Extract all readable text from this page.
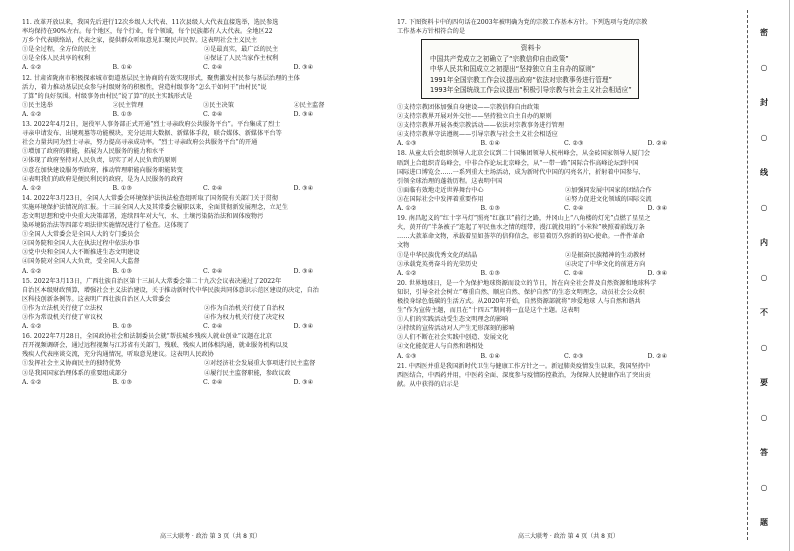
11. 改革开放以来，我国先后进行12次乡级人大代表、11次县级人大代表直接选举，选民参选

率均保持在90%左右。每个地区，每个行业，每个领域，每个民族都有人大代表。全地区22

万乡个代表联络站，代表之家，提供群众听取意见汇聚民声民智。这表明社会主义民主

①是全过程，全方位的民主	②是最真实，最广泛的民主
③是全体人民共享的权利	④保证了人民当家作主权利
A. ①②	B. ①④	C. ②④	D. ③④

12. 甘肃省陇南市积极探索城市街道基层民主协商的有效实现形式，聚焦激发村民参与基层治理的主体

活力，着力推动基层民众参与村级财务的积极性，营造村级事务“怎么干如何干”由村民“说

了算”的良好氛围。村级事务由村民“说了算”的民主实践形式是

①民主选举	②民主管理	③民主决策	④民主监督
A. ①②	B. ①③	C. ②④	D. ③④

13. 2022年4月2日，退役军人事务部正式开通“烈士寻亲政府公共服务平台”。平台集成了烈士

寻亲申请发布、出境观墓等功能模块，充分运用大数据、新媒体手段，联合媒体、新媒体平台等

社会力量共同为烈士寻亲，努力提高寻亲成功率。“烈士寻亲政府公共服务平台”的开通

①增加了政府的职能，拓展为人民服务的能力和水平

②体现了政府坚持对人民负责，切实了对人民负责的原则

③意在加快建设服务型政府，推动管理职能向服务职能转变

④表明我们的政府是便民利民的政府，是为人民服务的政府

A. ①②	B. ①③	C. ②④	D. ③④

14. 2022年3月23日，全国人大常委会环境保护法执法检查组听取了国务院有关部门关于贯彻

实施环境保护法情况的汇报。十三届全国人大及其常委会履职以来，全面贯彻新发展理念，立足生

态文明思想和党中央重大决策部署，连续四年对大气、水、土壤污染防治法和固体废物污

染环境防治法等四部专项法律实施情况进行了检查。这体现了

①全国人大常委会是全国人大的专门委员会

②国务院和全国人大在执法过程中依法办事

③党中央和全国人大不断推进生态文明建设

④国务院对全国人大负责，受全国人大监督

A. ①②	B. ①③	C. ②④	D. ③④

15. 2022年3月13日，广西壮族自治区第十三届人大常委会第二十九次会议表决通过了2022年

自治区本级财政预算，增强社会主义法治建设，关于推动新时代中华民族共同体意识示范区建设的决定，自治

区科技创新条例等。这表明广西壮族自治区人大常委会

①作为立法机关行使了立法权	②作为自治机关行使了自治权
③作为常设机关行使了审议权	④作为权力机关行使了决定权
A. ①②	B. ①③	C. ②④	D. ③④

16. 2022年7月28日，全国政协社会和法制委员会就“帮扶城乡残疾人就业创业”议题在北京

召开视频调研会，通过远程视频与江苏省有关部门，残联、残疾人团体相沟通，就业服务机构以及

残疾人代表座谈交流，充分沟通情况，听取意见建议。这表明人民政协

①发挥社会主义协商民主的独特优势	②对经济社会发展重大事项进行民主监督
③是我国国家治理体系的重要组成部分	④履行民主监督职能，参政议政
A. ①②	B. ①③	C. ②④	D. ③④

17. 下图资料卡中的四句话在2003年被明确为党的宗教工作基本方针。下列选项与党的宗教

工作基本方针相符合的是

资料卡
中国共产党成立之初确立了“宗教信仰自由政策”
中华人民共和国成立之初提出“坚持独立自主自办的原则”
1991年全国宗教工作会议提出政府“依法对宗教事务进行管理”
1993年全国统战工作会议提出“积极引导宗教与社会主义社会相适应”

①支持宗教团体加强自身建设——宗教信仰自由政策

②支持宗教界开展对外交往——坚持独立自主自办的原则

③支持宗教界开展各类宗教活动——依法对宗教事务进行管理

④支持宗教界守法遵规——引导宗教与社会主义社会相适应

A. ①③	B. ①④	C. ②③	D. ②④

18. 从童太后会组织领导人北京会议到二十国集团领导人杭州峰会，从金砖国家领导人厦门会

晤到上合组织青岛峰会，中非合作论坛北京峰会，从“一带一路”国际合作高峰论坛到中国

国际进口博览会……一系列重大主场活动，成为新时代中国的闪亮名片，折射着中国参与、

引领全球治理的蓬勃历程。这表明中国

①面临有效地走近世界舞台中心	②加强同发展中国家的团结合作
③在国际社会中发挥着重要作用	④努力促进文化领域的国际交流
A. ①②	B. ①③	C. ②④	D. ③④

19. 南昌起义的“红十字马灯”照亮“红旗卫”前行之路，井冈山上“八角楼的灯光”点燃了星星之

火，黄开的“半条被子”连起了军民鱼水之情的纽带，漫江就投用的“小米粒”映照着前线万条

……大款革命文物，承载着星如荟萃的信仰信念，彰显着历久弥新的初心使命。一件件革命

文物

①是中华民族优秀文化的结晶	②是振奋民族精神的生动教材
③承载党英勇奋斗的光荣历史	④决定了中华文化的前进方向
A. ①②	B. ①③	C. ②④	D. ③④

20. 世界地球日，是一个为保护地球资源而设立的节日，旨在向全社会普及自然资源和地球科学

知识，引导全社会树立“尊重自然、顺应自然、保护自然”的生态文明理念，动员社会公众积

极投身绿色低碳的生活方式。从2020年开始，自然资源部就将“珍爱地球 人与自然和谐共

生”作为宣传主题，而且在“十四五”期间将一直是这个主题。这表明

①人们的实践活动受生态文明理念的影响

②持续的宣传活动对人产生无形深刻的影响

③人们不断在社会实践中创造、发展文化

④文化能促进人与自然和谐相处

A. ①③	B. ①④	C. ②③	D. ②④

21. 中西医并重是我国新时代卫生与健康工作方针之一。新冠肺炎疫情发生以来，我国坚持中

西医结合，中西药并用，中医药全面、深度参与疫情防控救治，为保障人民健康作出了突出贡

献。从中获得的启示是

高三大联考 · 政治 第 3 页（共 8 页）	高三大联考 · 政治 第 4 页（共 8 页）
密
○
封
○
线
○
内
○
不
○
要
○
答
○
题
